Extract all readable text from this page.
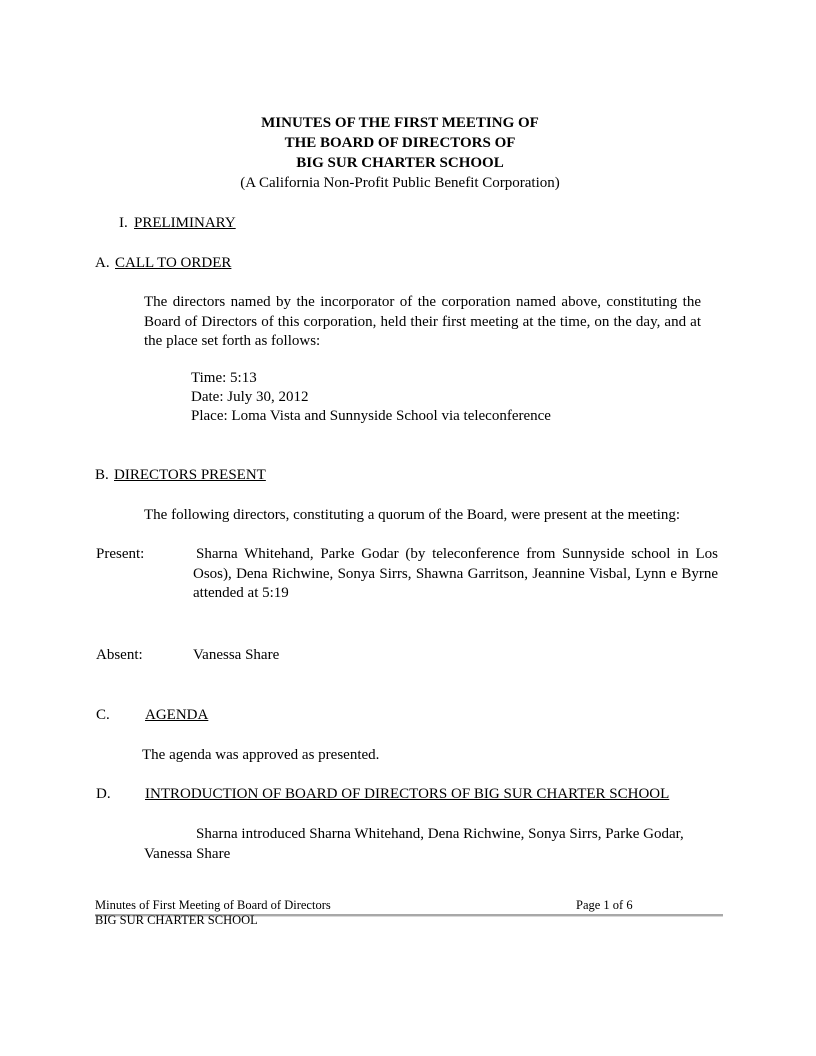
MINUTES OF THE FIRST MEETING OF
THE BOARD OF DIRECTORS OF
BIG SUR CHARTER SCHOOL
(A California Non-Profit Public Benefit Corporation)
I. PRELIMINARY
A. CALL TO ORDER
The directors named by the incorporator of the corporation named above, constituting the Board of Directors of this corporation, held their first meeting at the time, on the day, and at the place set forth as follows:
Time: 5:13
Date: July 30, 2012
Place: Loma Vista and Sunnyside School via teleconference
B. DIRECTORS PRESENT
The following directors, constituting a quorum of the Board, were present at the meeting:
Present:	Sharna Whitehand, Parke Godar (by teleconference from Sunnyside school in Los Osos), Dena Richwine, Sonya Sirrs, Shawna Garritson, Jeannine Visbal, Lynn e Byrne attended at 5:19
Absent:	Vanessa Share
C. AGENDA
The agenda was approved as presented.
D. INTRODUCTION OF BOARD OF DIRECTORS OF BIG SUR CHARTER SCHOOL
Sharna introduced Sharna Whitehand, Dena Richwine, Sonya Sirrs, Parke Godar, Vanessa Share
Minutes of First Meeting of Board of Directors	Page 1 of 6
BIG SUR CHARTER SCHOOL
